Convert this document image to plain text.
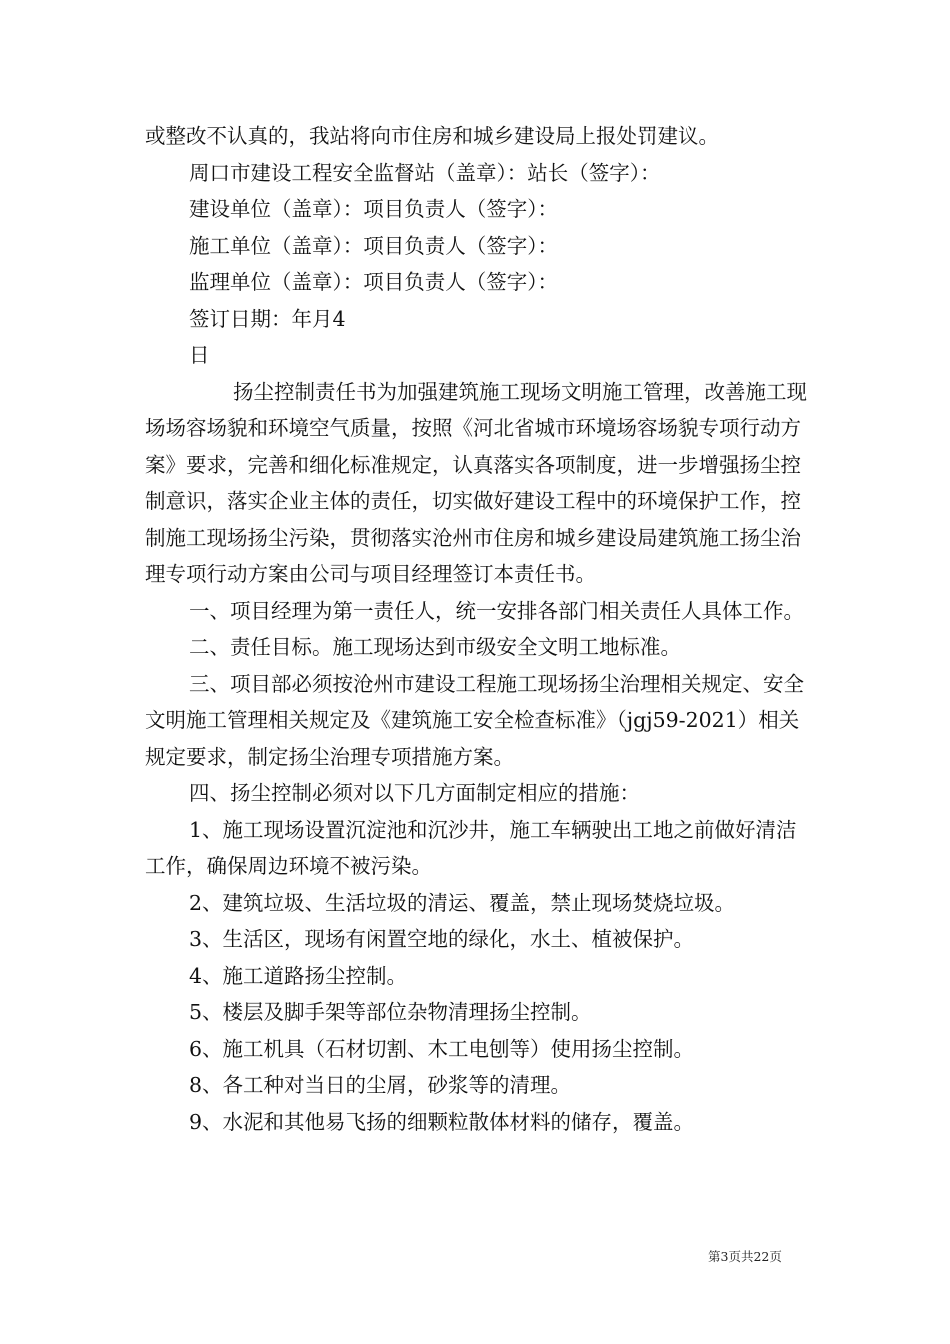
或整改不认真的，我站将向市住房和城乡建设局上报处罚建议。

周口市建设工程安全监督站（盖章）：站长（签字）：

建设单位（盖章）：项目负责人（签字）：

施工单位（盖章）：项目负责人（签字）：

监理单位（盖章）：项目负责人（签字）：

签订日期：年月4

日

扬尘控制责任书为加强建筑施工现场文明施工管理，改善施工现场场容场貌和环境空气质量，按照《河北省城市环境场容场貌专项行动方案》要求，完善和细化标准规定，认真落实各项制度，进一步增强扬尘控制意识，落实企业主体的责任，切实做好建设工程中的环境保护工作，控制施工现场扬尘污染，贯彻落实沧州市住房和城乡建设局建筑施工扬尘治理专项行动方案由公司与项目经理签订本责任书。

一、项目经理为第一责任人，统一安排各部门相关责任人具体工作。

二、责任目标。施工现场达到市级安全文明工地标准。

三、项目部必须按沧州市建设工程施工现场扬尘治理相关规定、安全文明施工管理相关规定及《建筑施工安全检查标准》（jgj59-2021）相关规定要求，制定扬尘治理专项措施方案。

四、扬尘控制必须对以下几方面制定相应的措施：

1、施工现场设置沉淀池和沉沙井，施工车辆驶出工地之前做好清洁工作，确保周边环境不被污染。

2、建筑垃圾、生活垃圾的清运、覆盖，禁止现场焚烧垃圾。

3、生活区，现场有闲置空地的绿化，水土、植被保护。

4、施工道路扬尘控制。

5、楼层及脚手架等部位杂物清理扬尘控制。

6、施工机具（石材切割、木工电刨等）使用扬尘控制。

8、各工种对当日的尘屑，砂浆等的清理。

9、水泥和其他易飞扬的细颗粒散体材料的储存，覆盖。

第3页共22页
